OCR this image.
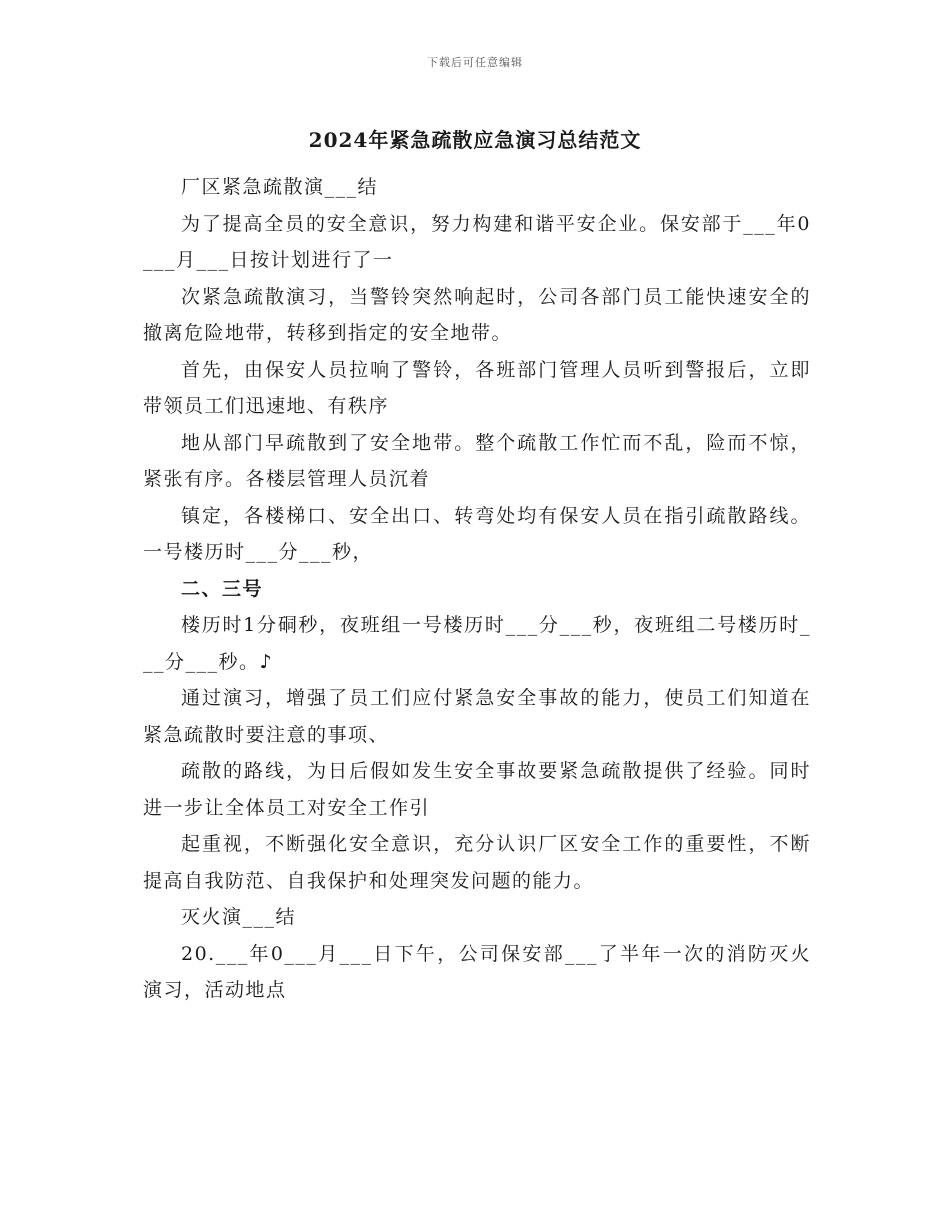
下载后可任意编辑
2024年紧急疏散应急演习总结范文

厂区紧急疏散演___结

为了提高全员的安全意识，努力构建和谐平安企业。保安部于___年0___月___日按计划进行了一

次紧急疏散演习，当警铃突然响起时，公司各部门员工能快速安全的撤离危险地带，转移到指定的安全地带。

首先，由保安人员拉响了警铃，各班部门管理人员听到警报后，立即带领员工们迅速地、有秩序

地从部门早疏散到了安全地带。整个疏散工作忙而不乱，险而不惊，紧张有序。各楼层管理人员沉着

镇定，各楼梯口、安全出口、转弯处均有保安人员在指引疏散路线。一号楼历时___分___秒，

二、三号

楼历时1分硐秒，夜班组一号楼历时___分___秒，夜班组二号楼历时___分___秒。♪

通过演习，增强了员工们应付紧急安全事故的能力，使员工们知道在紧急疏散时要注意的事项、

疏散的路线，为日后假如发生安全事故要紧急疏散提供了经验。同时进一步让全体员工对安全工作引

起重视，不断强化安全意识，充分认识厂区安全工作的重要性，不断提高自我防范、自我保护和处理突发问题的能力。

灭火演___结

20.___年0___月___日下午，公司保安部___了半年一次的消防灭火演习，活动地点
